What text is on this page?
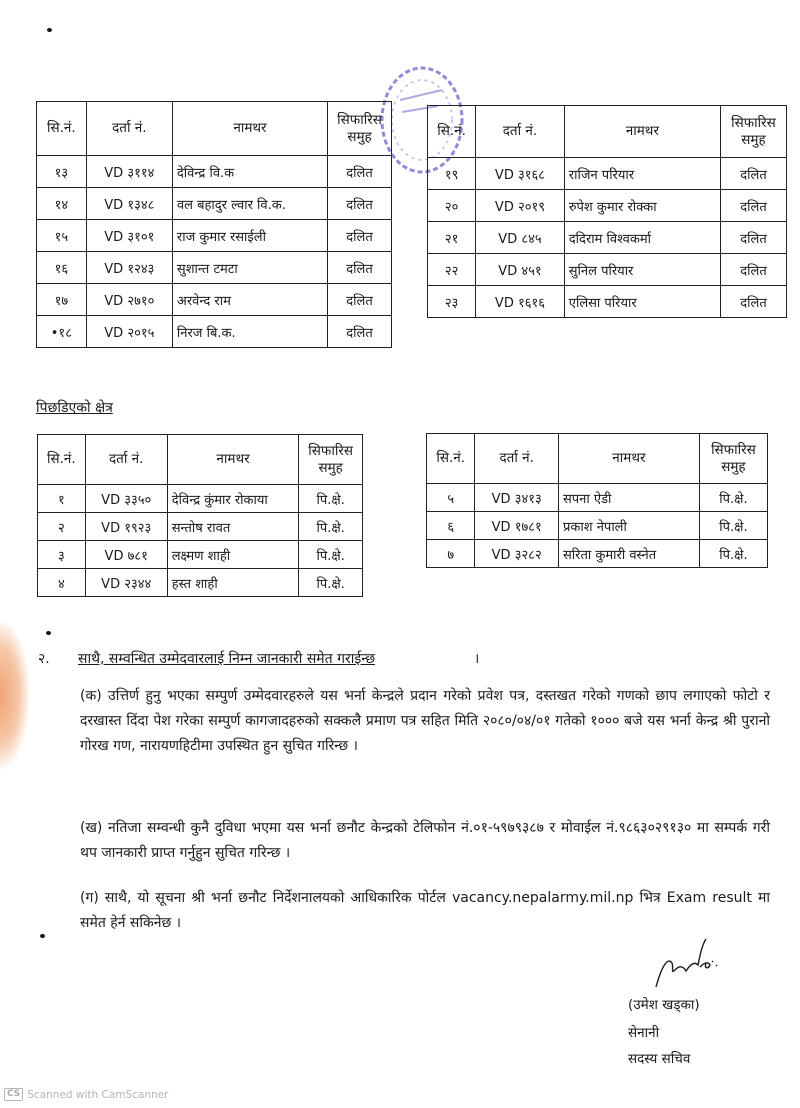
सि.नं.	दर्ता नं.	नामथर	सिफारिस
समुह
१३	VD ३११४	देविन्द्र वि.क	दलित
१४	VD १३४८	वल बहादुर ल्वार वि.क.	दलित
१५	VD ३१०१	राज कुमार रसाईली	दलित
१६	VD १२४३	सुशान्त टमटा	दलित
१७	VD २७१०	अरवेन्द राम	दलित
•१८	VD २०१५	निरज बि.क.	दलित
सि.नं.	दर्ता नं.	नामथर	सिफारिस
समुह
१९	VD ३१६८	राजिन परियार	दलित
२०	VD २०१९	रुपेश कुमार रोक्का	दलित
२१	VD ८४५	ददिराम विश्वकर्मा	दलित
२२	VD ४५१	सुनिल परियार	दलित
२३	VD १६१६	एलिसा परियार	दलित
पिछडिएको क्षेत्र
सि.नं.	दर्ता नं.	नामथर	सिफारिस
समुह
१	VD ३३५०	देविन्द्र कुंमार रोकाया	पि.क्षे.
२	VD १९२३	सन्तोष रावत	पि.क्षे.
३	VD ७८१	लक्ष्मण शाही	पि.क्षे.
४	VD २३४४	हस्त शाही	पि.क्षे.
सि.नं.	दर्ता नं.	नामथर	सिफारिस
समुह
५	VD ३४१३	सपना ऐडी	पि.क्षे.
६	VD १७८१	प्रकाश नेपाली	पि.क्षे.
७	VD ३२८२	सरिता कुमारी वस्नेत	पि.क्षे.
२. साथै, सम्वन्धित उम्मेदवारलाई निम्न जानकारी समेत गराईन्छ	।
(क) उत्तिर्ण हुनु भएका सम्पुर्ण उम्मेदवारहरुले यस भर्ना केन्द्रले प्रदान गरेको प्रवेश पत्र, दस्तखत गरेको गणको छाप लगाएको फोटो र दरखास्त दिंदा पेश गरेका सम्पुर्ण कागजादहरुको सक्कलै प्रमाण पत्र सहित मिति २०८०/०४/०१ गतेको १००० बजे यस भर्ना केन्द्र श्री पुरानो गोरख गण, नारायणहिटीमा उपस्थित हुन सुचित गरिन्छ ।
(ख) नतिजा सम्वन्धी कुनै दुविधा भएमा यस भर्ना छनौट केन्द्रको टेलिफोन नं.०१-५९७९३८७ र मोवाईल नं.९८६३०२९१३० मा सम्पर्क गरी थप जानकारी प्राप्त गर्नुहुन सुचित गरिन्छ ।
(ग) साथै, यो सूचना श्री भर्ना छनौट निर्देशनालयको आधिकारिक पोर्टल vacancy.nepalarmy.mil.np भित्र Exam result मा समेत हेर्न सकिनेछ ।
(उमेश खड्का)
सेनानी
सदस्य सचिव
CS Scanned with CamScanner
